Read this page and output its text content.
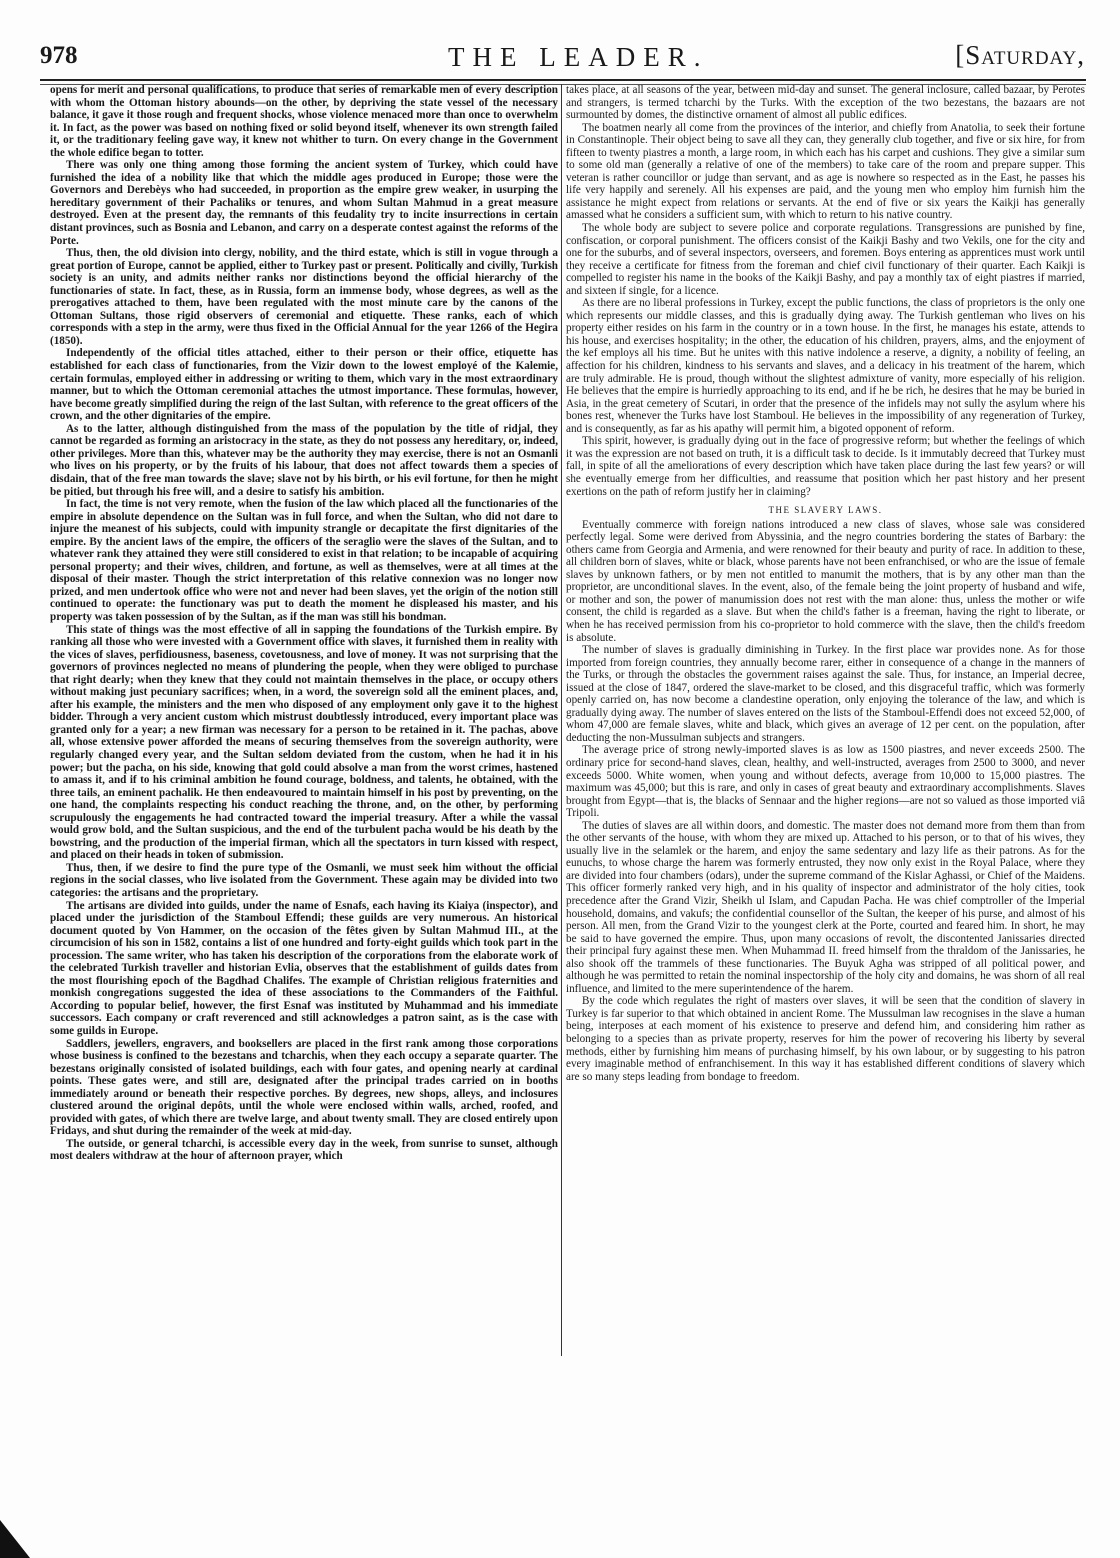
978	THE LEADER.	[Saturday,

opens for merit and personal qualifications, to produce that series of remarkable men of every description with whom the Ottoman history abounds—on the other, by depriving the state vessel of the necessary balance, it gave it those rough and frequent shocks, whose violence menaced more than once to overwhelm it. In fact, as the power was based on nothing fixed or solid beyond itself, whenever its own strength failed it, or the traditionary feeling gave way, it knew not whither to turn. On every change in the Government the whole edifice began to totter.

There was only one thing among those forming the ancient system of Turkey, which could have furnished the idea of a nobility like that which the middle ages produced in Europe; those were the Governors and Derebèys who had succeeded, in proportion as the empire grew weaker, in usurping the hereditary government of their Pachaliks or tenures, and whom Sultan Mahmud in a great measure destroyed. Even at the present day, the remnants of this feudality try to incite insurrections in certain distant provinces, such as Bosnia and Lebanon, and carry on a desperate contest against the reforms of the Porte.

Thus, then, the old division into clergy, nobility, and the third estate, which is still in vogue through a great portion of Europe, cannot be applied, either to Turkey past or present. Politically and civilly, Turkish society is an unity, and admits neither ranks nor distinctions beyond the official hierarchy of the functionaries of state. In fact, these, as in Russia, form an immense body, whose degrees, as well as the prerogatives attached to them, have been regulated with the most minute care by the canons of the Ottoman Sultans, those rigid observers of ceremonial and etiquette. These ranks, each of which corresponds with a step in the army, were thus fixed in the Official Annual for the year 1266 of the Hegira (1850).

Independently of the official titles attached, either to their person or their office, etiquette has established for each class of functionaries, from the Vizir down to the lowest employé of the Kalemie, certain formulas, employed either in addressing or writing to them, which vary in the most extraordinary manner, but to which the Ottoman ceremonial attaches the utmost importance. These formulas, however, have become greatly simplified during the reign of the last Sultan, with reference to the great officers of the crown, and the other dignitaries of the empire.

As to the latter, although distinguished from the mass of the population by the title of ridjal, they cannot be regarded as forming an aristocracy in the state, as they do not possess any hereditary, or, indeed, other privileges. More than this, whatever may be the authority they may exercise, there is not an Osmanli who lives on his property, or by the fruits of his labour, that does not affect towards them a species of disdain, that of the free man towards the slave; slave not by his birth, or his evil fortune, for then he might be pitied, but through his free will, and a desire to satisfy his ambition.

In fact, the time is not very remote, when the fusion of the law which placed all the functionaries of the empire in absolute dependence on the Sultan was in full force, and when the Sultan, who did not dare to injure the meanest of his subjects, could with impunity strangle or decapitate the first dignitaries of the empire. By the ancient laws of the empire, the officers of the seraglio were the slaves of the Sultan, and to whatever rank they attained they were still considered to exist in that relation; to be incapable of acquiring personal property; and their wives, children, and fortune, as well as themselves, were at all times at the disposal of their master. Though the strict interpretation of this relative connexion was no longer now prized, and men undertook office who were not and never had been slaves, yet the origin of the notion still continued to operate: the functionary was put to death the moment he displeased his master, and his property was taken possession of by the Sultan, as if the man was still his bondman.

This state of things was the most effective of all in sapping the foundations of the Turkish empire. By ranking all those who were invested with a Government office with slaves, it furnished them in reality with the vices of slaves, perfidiousness, baseness, covetousness, and love of money. It was not surprising that the governors of provinces neglected no means of plundering the people, when they were obliged to purchase that right dearly; when they knew that they could not maintain themselves in the place, or occupy others without making just pecuniary sacrifices; when, in a word, the sovereign sold all the eminent places, and, after his example, the ministers and the men who disposed of any employment only gave it to the highest bidder. Through a very ancient custom which mistrust doubtlessly introduced, every important place was granted only for a year; a new firman was necessary for a person to be retained in it. The pachas, above all, whose extensive power afforded the means of securing themselves from the sovereign authority, were regularly changed every year, and the Sultan seldom deviated from the custom, when he had it in his power; but the pacha, on his side, knowing that gold could absolve a man from the worst crimes, hastened to amass it, and if to his criminal ambition he found courage, boldness, and talents, he obtained, with the three tails, an eminent pachalik. He then endeavoured to maintain himself in his post by preventing, on the one hand, the complaints respecting his conduct reaching the throne, and, on the other, by performing scrupulously the engagements he had contracted toward the imperial treasury. After a while the vassal would grow bold, and the Sultan suspicious, and the end of the turbulent pacha would be his death by the bowstring, and the production of the imperial firman, which all the spectators in turn kissed with respect, and placed on their heads in token of submission.

Thus, then, if we desire to find the pure type of the Osmanli, we must seek him without the official regions in the social classes, who live isolated from the Government. These again may be divided into two categories: the artisans and the proprietary.

The artisans are divided into guilds, under the name of Esnafs, each having its Kiaiya (inspector), and placed under the jurisdiction of the Stamboul Effendi; these guilds are very numerous. An historical document quoted by Von Hammer, on the occasion of the fêtes given by Sultan Mahmud III., at the circumcision of his son in 1582, contains a list of one hundred and forty-eight guilds which took part in the procession. The same writer, who has taken his description of the corporations from the elaborate work of the celebrated Turkish traveller and historian Evlia, observes that the establishment of guilds dates from the most flourishing epoch of the Bagdhad Chalifes. The example of Christian religious fraternities and monkish congregations suggested the idea of these associations to the Commanders of the Faithful. According to popular belief, however, the first Esnaf was instituted by Muhammad and his immediate successors. Each company or craft reverenced and still acknowledges a patron saint, as is the case with some guilds in Europe.

Saddlers, jewellers, engravers, and booksellers are placed in the first rank among those corporations whose business is confined to the bezestans and tcharchis, when they each occupy a separate quarter. The bezestans originally consisted of isolated buildings, each with four gates, and opening nearly at cardinal points. These gates were, and still are, designated after the principal trades carried on in booths immediately around or beneath their respective porches. By degrees, new shops, alleys, and inclosures clustered around the original depôts, until the whole were enclosed within walls, arched, roofed, and provided with gates, of which there are twelve large, and about twenty small. They are closed entirely upon Fridays, and shut during the remainder of the week at mid-day.

The outside, or general tcharchi, is accessible every day in the week, from sunrise to sunset, although most dealers withdraw at the hour of afternoon prayer, which

takes place, at all seasons of the year, between mid-day and sunset. The general inclosure, called bazaar, by Perotes and strangers, is termed tcharchi by the Turks. With the exception of the two bezestans, the bazaars are not surmounted by domes, the distinctive ornament of almost all public edifices.

The boatmen nearly all come from the provinces of the interior, and chiefly from Anatolia, to seek their fortune in Constantinople. Their object being to save all they can, they generally club together, and five or six hire, for from fifteen to twenty piastres a month, a large room, in which each has his carpet and cushions. They give a similar sum to some old man (generally a relative of one of the members) to take care of the room and prepare supper. This veteran is rather councillor or judge than servant, and as age is nowhere so respected as in the East, he passes his life very happily and serenely. All his expenses are paid, and the young men who employ him furnish him the assistance he might expect from relations or servants. At the end of five or six years the Kaikji has generally amassed what he considers a sufficient sum, with which to return to his native country.

The whole body are subject to severe police and corporate regulations. Transgressions are punished by fine, confiscation, or corporal punishment. The officers consist of the Kaikji Bashy and two Vekils, one for the city and one for the suburbs, and of several inspectors, overseers, and foremen. Boys entering as apprentices must work until they receive a certificate for fitness from the foreman and chief civil functionary of their quarter. Each Kaikji is compelled to register his name in the books of the Kaikji Bashy, and pay a monthly tax of eight piastres if married, and sixteen if single, for a licence.

As there are no liberal professions in Turkey, except the public functions, the class of proprietors is the only one which represents our middle classes, and this is gradually dying away. The Turkish gentleman who lives on his property either resides on his farm in the country or in a town house. In the first, he manages his estate, attends to his house, and exercises hospitality; in the other, the education of his children, prayers, alms, and the enjoyment of the kef employs all his time. But he unites with this native indolence a reserve, a dignity, a nobility of feeling, an affection for his children, kindness to his servants and slaves, and a delicacy in his treatment of the harem, which are truly admirable. He is proud, though without the slightest admixture of vanity, more especially of his religion. He believes that the empire is hurriedly approaching to its end, and if he be rich, he desires that he may be buried in Asia, in the great cemetery of Scutari, in order that the presence of the infidels may not sully the asylum where his bones rest, whenever the Turks have lost Stamboul. He believes in the impossibility of any regeneration of Turkey, and is consequently, as far as his apathy will permit him, a bigoted opponent of reform.

This spirit, however, is gradually dying out in the face of progressive reform; but whether the feelings of which it was the expression are not based on truth, it is a difficult task to decide. Is it immutably decreed that Turkey must fall, in spite of all the ameliorations of every description which have taken place during the last few years? or will she eventually emerge from her difficulties, and reassume that position which her past history and her present exertions on the path of reform justify her in claiming?

THE SLAVERY LAWS.

Eventually commerce with foreign nations introduced a new class of slaves, whose sale was considered perfectly legal. Some were derived from Abyssinia, and the negro countries bordering the states of Barbary: the others came from Georgia and Armenia, and were renowned for their beauty and purity of race. In addition to these, all children born of slaves, white or black, whose parents have not been enfranchised, or who are the issue of female slaves by unknown fathers, or by men not entitled to manumit the mothers, that is by any other man than the proprietor, are unconditional slaves. In the event, also, of the female being the joint property of husband and wife, or mother and son, the power of manumission does not rest with the man alone: thus, unless the mother or wife consent, the child is regarded as a slave. But when the child's father is a freeman, having the right to liberate, or when he has received permission from his co-proprietor to hold commerce with the slave, then the child's freedom is absolute.

The number of slaves is gradually diminishing in Turkey. In the first place war provides none. As for those imported from foreign countries, they annually become rarer, either in consequence of a change in the manners of the Turks, or through the obstacles the government raises against the sale. Thus, for instance, an Imperial decree, issued at the close of 1847, ordered the slave-market to be closed, and this disgraceful traffic, which was formerly openly carried on, has now become a clandestine operation, only enjoying the tolerance of the law, and which is gradually dying away. The number of slaves entered on the lists of the Stamboul-Effendi does not exceed 52,000, of whom 47,000 are female slaves, white and black, which gives an average of 12 per cent. on the population, after deducting the non-Mussulman subjects and strangers.

The average price of strong newly-imported slaves is as low as 1500 piastres, and never exceeds 2500. The ordinary price for second-hand slaves, clean, healthy, and well-instructed, averages from 2500 to 3000, and never exceeds 5000. White women, when young and without defects, average from 10,000 to 15,000 piastres. The maximum was 45,000; but this is rare, and only in cases of great beauty and extraordinary accomplishments. Slaves brought from Egypt—that is, the blacks of Sennaar and the higher regions—are not so valued as those imported viâ Tripoli.

The duties of slaves are all within doors, and domestic. The master does not demand more from them than from the other servants of the house, with whom they are mixed up. Attached to his person, or to that of his wives, they usually live in the selamlek or the harem, and enjoy the same sedentary and lazy life as their patrons. As for the eunuchs, to whose charge the harem was formerly entrusted, they now only exist in the Royal Palace, where they are divided into four chambers (odars), under the supreme command of the Kislar Aghassi, or Chief of the Maidens. This officer formerly ranked very high, and in his quality of inspector and administrator of the holy cities, took precedence after the Grand Vizir, Sheikh ul Islam, and Capudan Pacha. He was chief comptroller of the Imperial household, domains, and vakufs; the confidential counsellor of the Sultan, the keeper of his purse, and almost of his person. All men, from the Grand Vizir to the youngest clerk at the Porte, courted and feared him. In short, he may be said to have governed the empire. Thus, upon many occasions of revolt, the discontented Janissaries directed their principal fury against these men. When Muhammad II. freed himself from the thraldom of the Janissaries, he also shook off the trammels of these functionaries. The Buyuk Agha was stripped of all political power, and although he was permitted to retain the nominal inspectorship of the holy city and domains, he was shorn of all real influence, and limited to the mere superintendence of the harem.

By the code which regulates the right of masters over slaves, it will be seen that the condition of slavery in Turkey is far superior to that which obtained in ancient Rome. The Mussulman law recognises in the slave a human being, interposes at each moment of his existence to preserve and defend him, and considering him rather as belonging to a species than as private property, reserves for him the power of recovering his liberty by several methods, either by furnishing him means of purchasing himself, by his own labour, or by suggesting to his patron every imaginable method of enfranchisement. In this way it has established different conditions of slavery which are so many steps leading from bondage to freedom.
